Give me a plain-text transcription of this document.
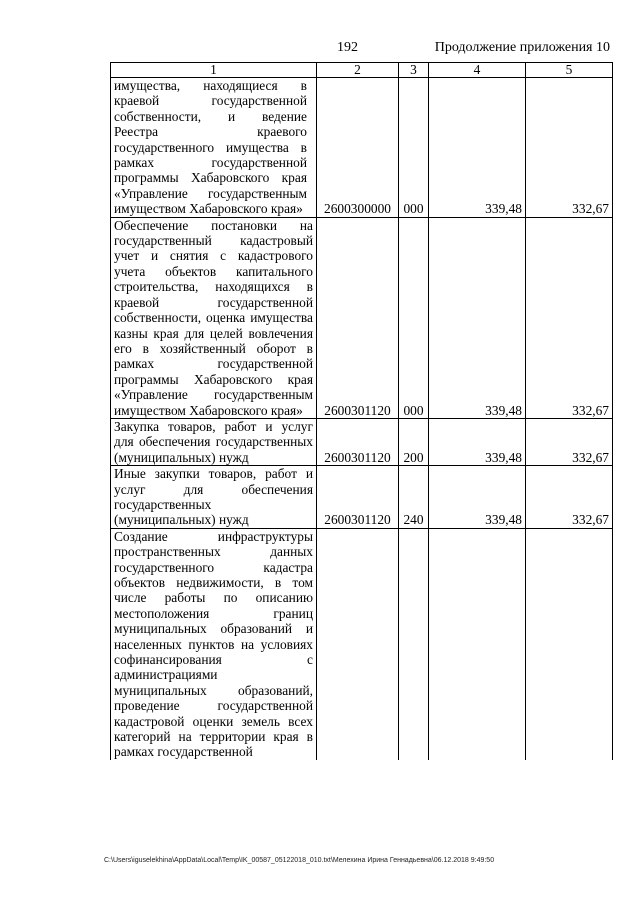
192	Продолжение приложения 10
1	2	3	4	5

имущества, находящиеся в краевой государственной собственности, и ведение Реестра краевого государственного имущества в рамках государственной программы Хабаровского края «Управление государственным имуществом Хабаровского края»	2600300000	000	339,48	332,67

Обеспечение постановки на государственный кадастровый учет и снятия с кадастрового учета объектов капитального строительства, находящихся в краевой государственной собственности, оценка имущества казны края для целей вовлечения его в хозяйственный оборот в рамках государственной программы Хабаровского края «Управление государственным имуществом Хабаровского края»	2600301120	000	339,48	332,67

Закупка товаров, работ и услуг для обеспечения государственных (муниципальных) нужд	2600301120	200	339,48	332,67

Иные закупки товаров, работ и услуг для обеспечения государственных (муниципальных) нужд	2600301120	240	339,48	332,67

Создание инфраструктуры пространственных данных государственного кадастра объектов недвижимости, в том числе работы по описанию местоположения границ муниципальных образований и населенных пунктов на условиях софинансирования с администрациями муниципальных образований, проведение государственной кадастровой оценки земель всех категорий на территории края в рамках государственной				

C:\Users\iguselekhina\AppData\Local\Temp\IK_00587_05122018_010.txt\Мелехина Ирина Геннадьевна\06.12.2018 9:49:50
